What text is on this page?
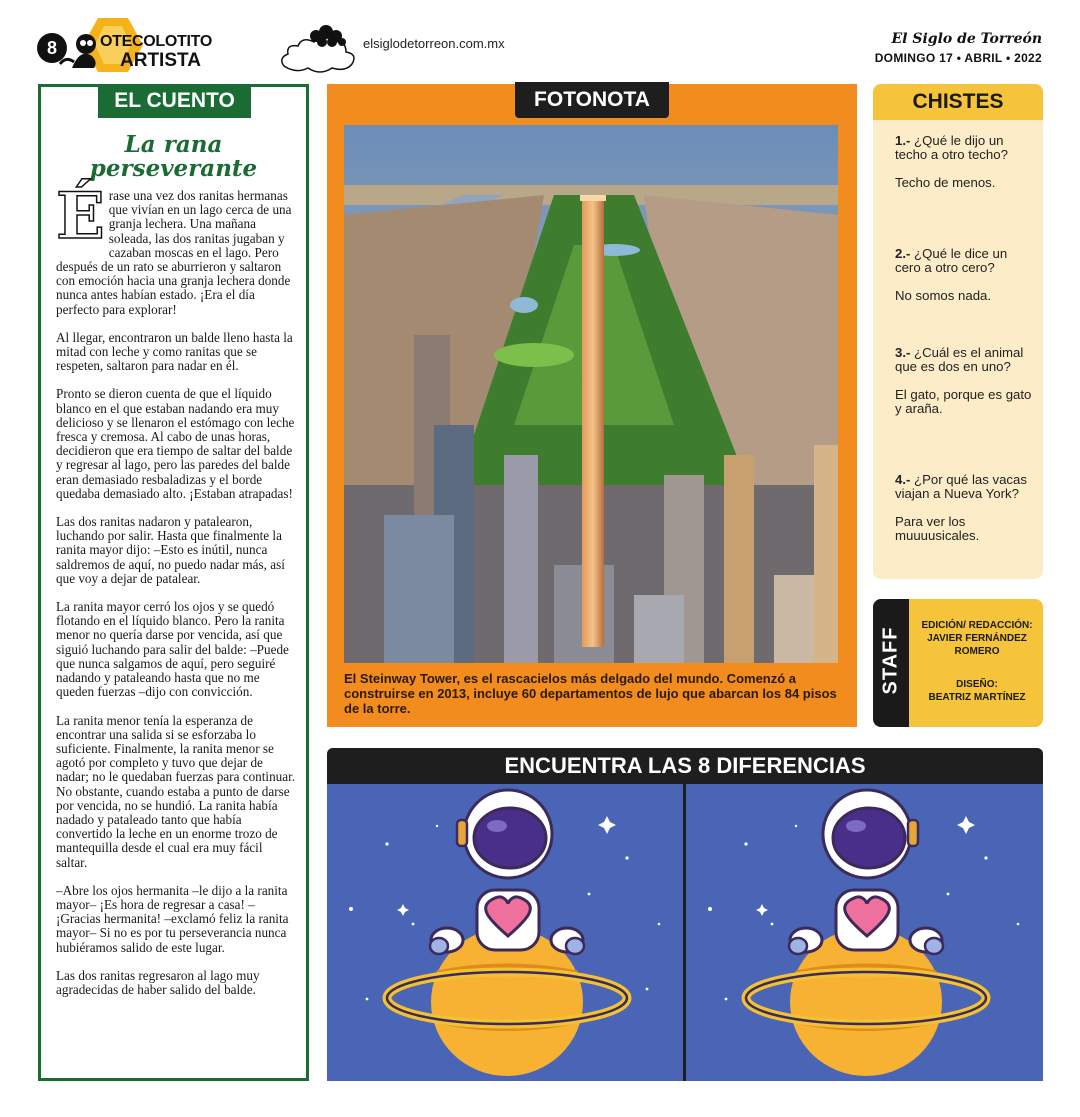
8	OTECOLOTITO
ARTISTA
elsiglodetorreon.com.mx	El Siglo de Torreón
DOMINGO 17 • ABRIL • 2022
EL CUENTO
La rana perseverante

Érase una vez dos ranitas hermanas que vivían en un lago cerca de una granja lechera. Una mañana soleada, las dos ranitas jugaban y cazaban moscas en el lago. Pero después de un rato se aburrieron y saltaron con emoción hacia una granja lechera donde nunca antes habían estado. ¡Era el día perfecto para explorar!

Al llegar, encontraron un balde lleno hasta la mitad con leche y como ranitas que se respeten, saltaron para nadar en él.

Pronto se dieron cuenta de que el líquido blanco en el que estaban nadando era muy delicioso y se llenaron el estómago con leche fresca y cremosa. Al cabo de unas horas, decidieron que era tiempo de saltar del balde y regresar al lago, pero las paredes del balde eran demasiado resbaladizas y el borde quedaba demasiado alto. ¡Estaban atrapadas!

Las dos ranitas nadaron y patalearon, luchando por salir. Hasta que finalmente la ranita mayor dijo: –Esto es inútil, nunca saldremos de aquí, no puedo nadar más, así que voy a dejar de patalear.

La ranita mayor cerró los ojos y se quedó flotando en el líquido blanco. Pero la ranita menor no quería darse por vencida, así que siguió luchando para salir del balde: –Puede que nunca salgamos de aquí, pero seguiré nadando y pataleando hasta que no me queden fuerzas –dijo con convicción.

La ranita menor tenía la esperanza de encontrar una salida si se esforzaba lo suficiente. Finalmente, la ranita menor se agotó por completo y tuvo que dejar de nadar; no le quedaban fuerzas para continuar. No obstante, cuando estaba a punto de darse por vencida, no se hundió. La ranita había nadado y pataleado tanto que había convertido la leche en un enorme trozo de mantequilla desde el cual era muy fácil saltar.

–Abre los ojos hermanita –le dijo a la ranita mayor– ¡Es hora de regresar a casa! –¡Gracias hermanita! –exclamó feliz la ranita mayor– Si no es por tu perseverancia nunca hubiéramos salido de este lugar.

Las dos ranitas regresaron al lago muy agradecidas de haber salido del balde.

FOTONOTA
El Steinway Tower, es el rascacielos más delgado del mundo. Comenzó a construirse en 2013, incluye 60 departamentos de lujo que abarcan los 84 pisos de la torre.
CHISTES
1.- ¿Qué le dijo un techo a otro techo?
Techo de menos.
2.- ¿Qué le dice un cero a otro cero?
No somos nada.
3.- ¿Cuál es el animal que es dos en uno?
El gato, porque es gato y araña.
4.- ¿Por qué las vacas viajan a Nueva York?
Para ver los muuuusicales.
STAFF
EDICIÓN/ REDACCIÓN:
JAVIER FERNÁNDEZ ROMERO
DISEÑO:
BEATRIZ MARTÍNEZ
ENCUENTRA LAS 8 DIFERENCIAS
